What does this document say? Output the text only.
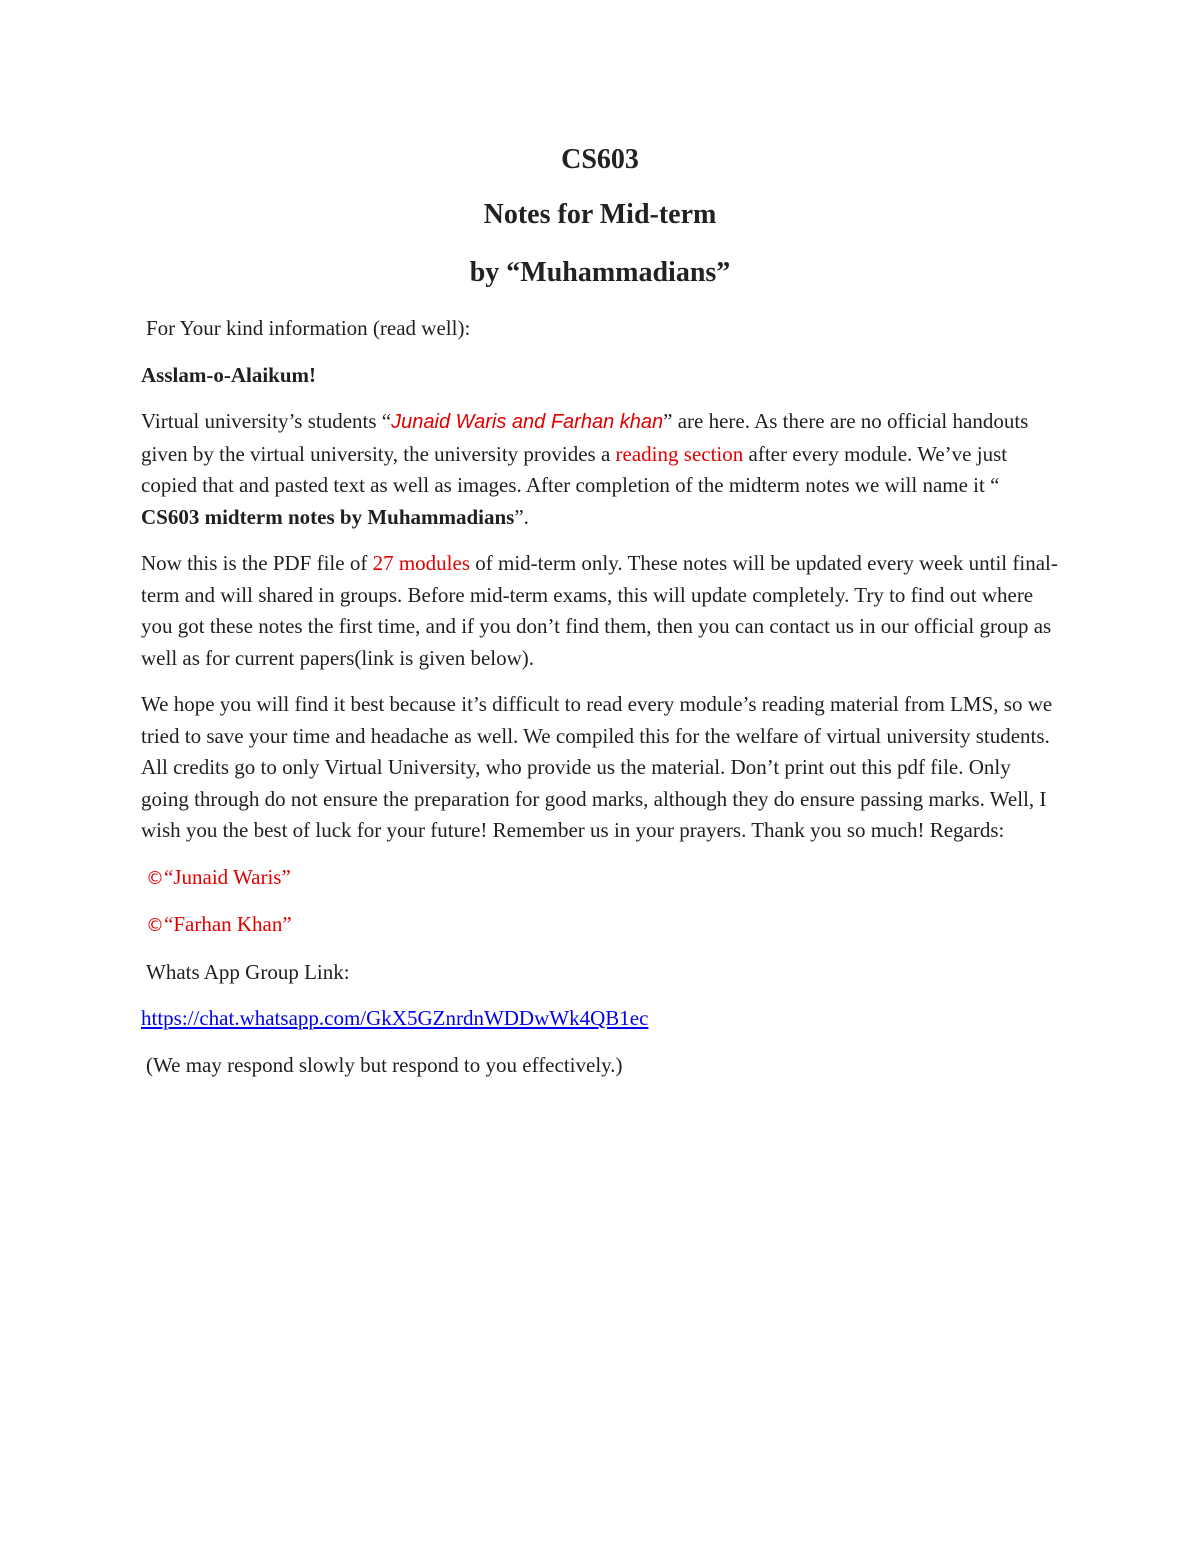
CS603
Notes for Mid-term
by “Muhammadians”

For Your kind information (read well):

Asslam-o-Alaikum!

Virtual university’s students “Junaid Waris and Farhan khan” are here. As there are no official handouts given by the virtual university, the university provides a reading section after every module. We’ve just copied that and pasted text as well as images. After completion of the midterm notes we will name it “ CS603 midterm notes by Muhammadians”.

Now this is the PDF file of 27 modules of mid-term only. These notes will be updated every week until final-term and will shared in groups. Before mid-term exams, this will update completely. Try to find out where you got these notes the first time, and if you don’t find them, then you can contact us in our official group as well as for current papers(link is given below).

We hope you will find it best because it’s difficult to read every module’s reading material from LMS, so we tried to save your time and headache as well. We compiled this for the welfare of virtual university students. All credits go to only Virtual University, who provide us the material. Don’t print out this pdf file. Only going through do not ensure the preparation for good marks, although they do ensure passing marks. Well, I wish you the best of luck for your future! Remember us in your prayers. Thank you so much! Regards:

©“Junaid Waris”

©“Farhan Khan”

Whats App Group Link:

https://chat.whatsapp.com/GkX5GZnrdnWDDwWk4QB1ec

(We may respond slowly but respond to you effectively.)
